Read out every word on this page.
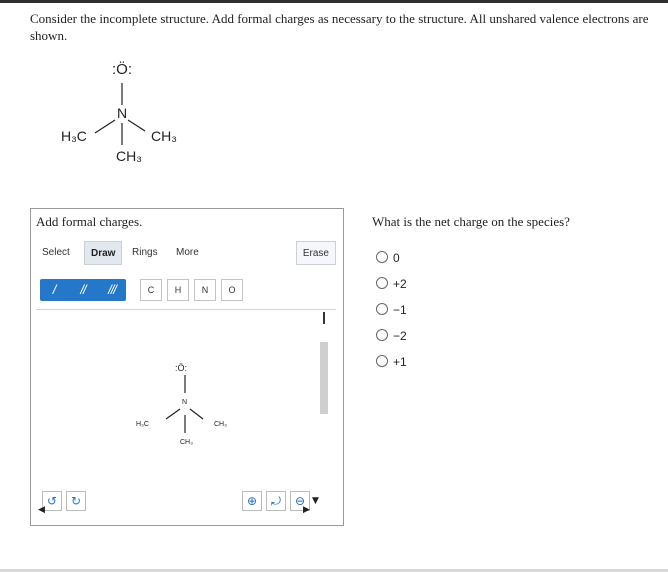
Consider the incomplete structure. Add formal charges as necessary to the structure. All unshared valence electrons are shown.
:Ö:
N
H₃C	CH₃
CH₃
Add formal charges.
Select	Draw	Rings	More	Erase
/	//	///	C	H	N	O
:Ö:
N
H₃C	CH₃
CH₃
↺	↻	⊕	⤾	⊖ ▼
◀	▶
What is the net charge on the species?
0
+2
−1
−2
+1
